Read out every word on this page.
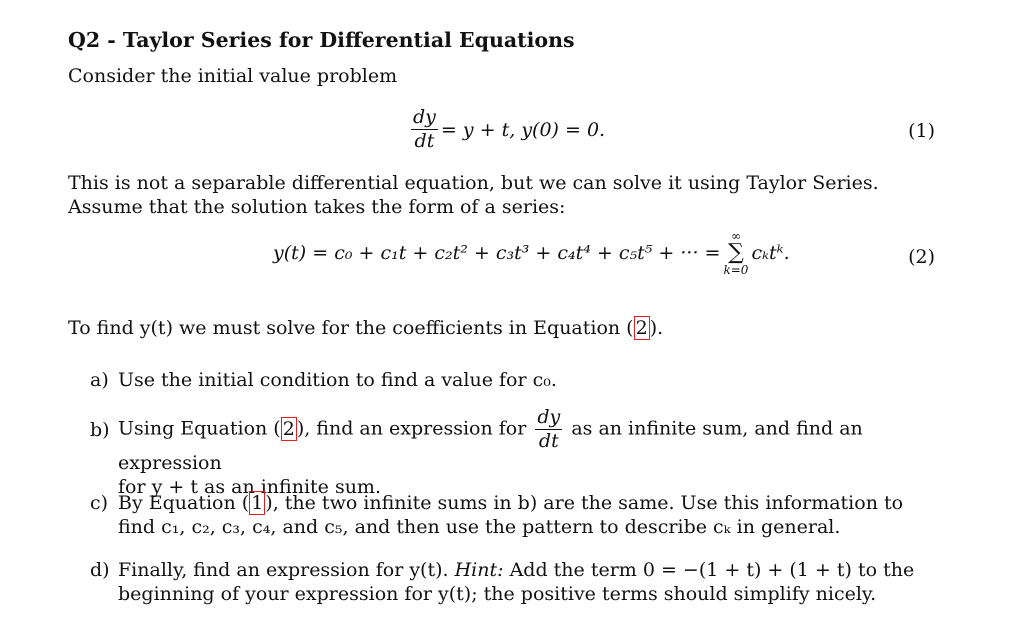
Q2 - Taylor Series for Differential Equations
Consider the initial value problem
$\frac{dy}{dt} = y + t$, y(0) = 0.	(1)
This is not a separable differential equation, but we can solve it using Taylor Series. Assume that the solution takes the form of a series:
y(t) = c₀ + c₁t + c₂t² + c₃t³ + c₄t⁴ + c₅t⁵ + ··· =
∞
∑
k=0
cₖtᵏ.	(2)
To find y(t) we must solve for the coefficients in Equation ( 2 ).
a) Use the initial condition to find a value for c₀.
b) Using Equation ( 2 ), find an expression for $\frac{dy}{dt}$ as an infinite sum, and find an expression
for y + t as an infinite sum.
c) By Equation ( 1 ), the two infinite sums in b) are the same. Use this information to find c₁, c₂, c₃, c₄, and c₅, and then use the pattern to describe cₖ in general.
d) Finally, find an expression for y(t). Hint: Add the term 0 = −(1 + t) + (1 + t) to the beginning of your expression for y(t); the positive terms should simplify nicely.
